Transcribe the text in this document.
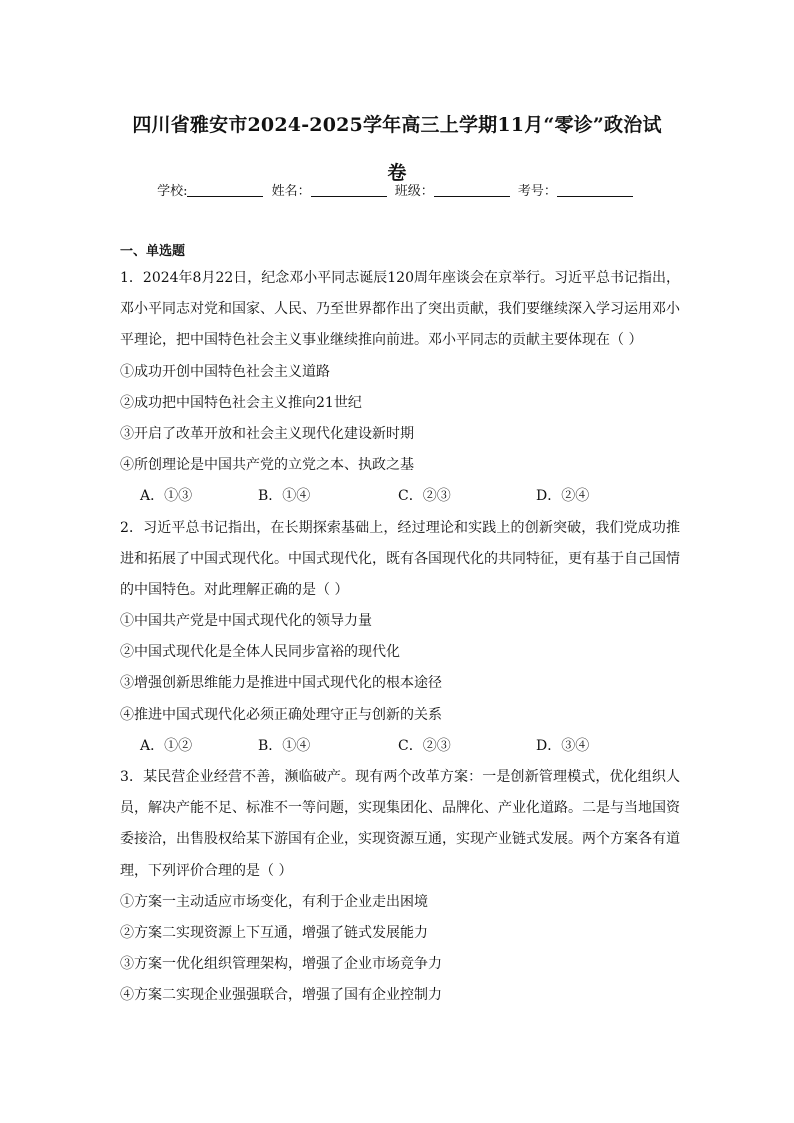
四川省雅安市2024-2025学年高三上学期11月“零诊”政治试
卷
学校:	姓名：	班级：	考号：
一、单选题
1．2024年8月22日，纪念邓小平同志诞辰120周年座谈会在京举行。习近平总书记指出，
邓小平同志对党和国家、人民、乃至世界都作出了突出贡献，我们要继续深入学习运用邓小
平理论，把中国特色社会主义事业继续推向前进。邓小平同志的贡献主要体现在（ ）
①成功开创中国特色社会主义道路
②成功把中国特色社会主义推向21世纪
③开启了改革开放和社会主义现代化建设新时期
④所创理论是中国共产党的立党之本、执政之基
A．①③	B．①④	C．②③	D．②④
2．习近平总书记指出，在长期探索基础上，经过理论和实践上的创新突破，我们党成功推
进和拓展了中国式现代化。中国式现代化，既有各国现代化的共同特征，更有基于自己国情
的中国特色。对此理解正确的是（ ）
①中国共产党是中国式现代化的领导力量
②中国式现代化是全体人民同步富裕的现代化
③增强创新思维能力是推进中国式现代化的根本途径
④推进中国式现代化必须正确处理守正与创新的关系
A．①②	B．①④	C．②③	D．③④
3．某民营企业经营不善，濒临破产。现有两个改革方案：一是创新管理模式，优化组织人
员，解决产能不足、标准不一等问题，实现集团化、品牌化、产业化道路。二是与当地国资
委接洽，出售股权给某下游国有企业，实现资源互通，实现产业链式发展。两个方案各有道
理，下列评价合理的是（ ）
①方案一主动适应市场变化，有利于企业走出困境
②方案二实现资源上下互通，增强了链式发展能力
③方案一优化组织管理架构，增强了企业市场竞争力
④方案二实现企业强强联合，增强了国有企业控制力
